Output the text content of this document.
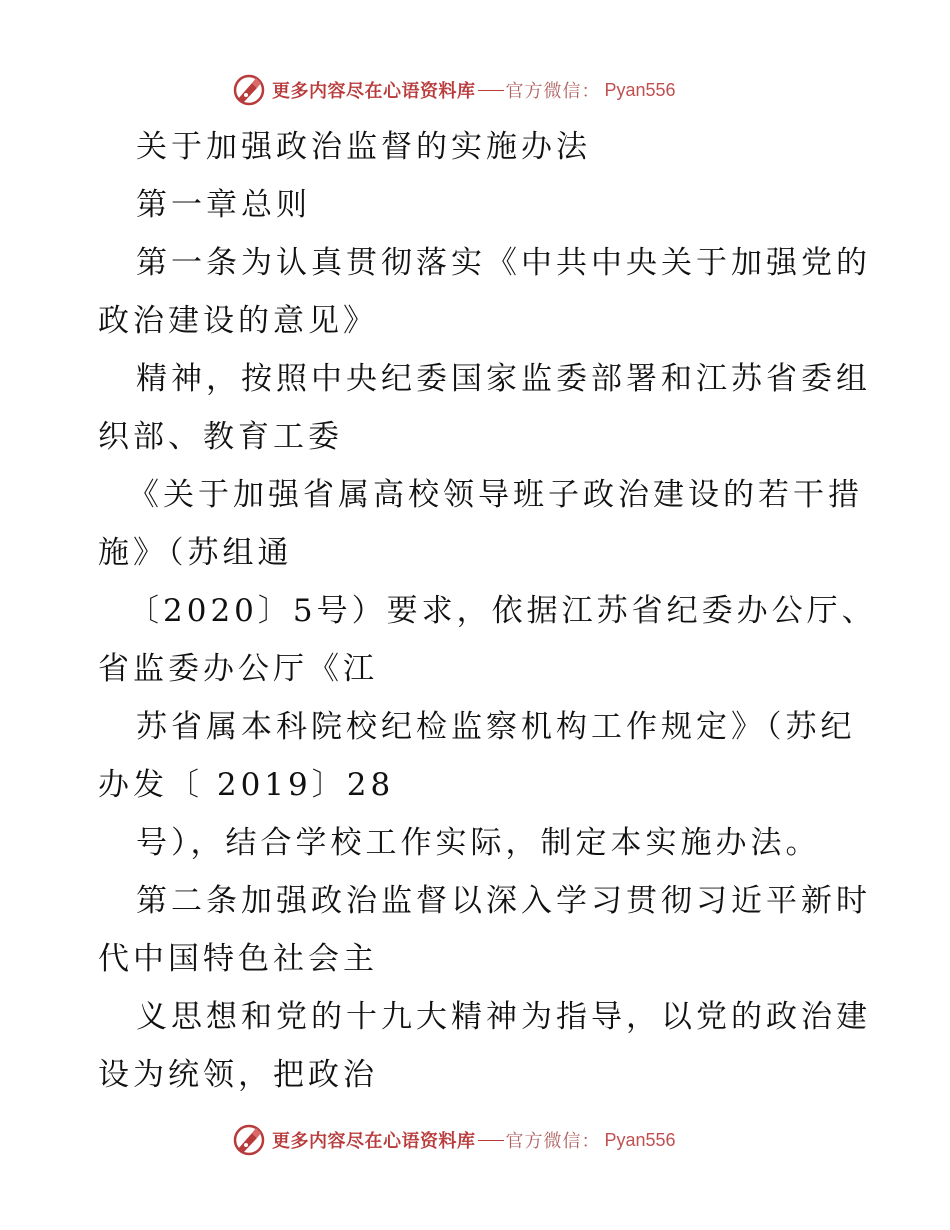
更多内容尽在心语资料库 官方微信： Pyan556

关于加强政治监督的实施办法

第一章总则

第一条为认真贯彻落实《中共中央关于加强党的

政治建设的意见》

精神，按照中央纪委国家监委部署和江苏省委组

织部、教育工委

《关于加强省属高校领导班子政治建设的若干措

施》（苏组通

〔2020〕5号）要求，依据江苏省纪委办公厅、

省监委办公厅《江

苏省属本科院校纪检监察机构工作规定》（苏纪

办发〔 2019〕28

号），结合学校工作实际，制定本实施办法。

第二条加强政治监督以深入学习贯彻习近平新时

代中国特色社会主

义思想和党的十九大精神为指导，以党的政治建

设为统领，把政治

更多内容尽在心语资料库 官方微信： Pyan556
